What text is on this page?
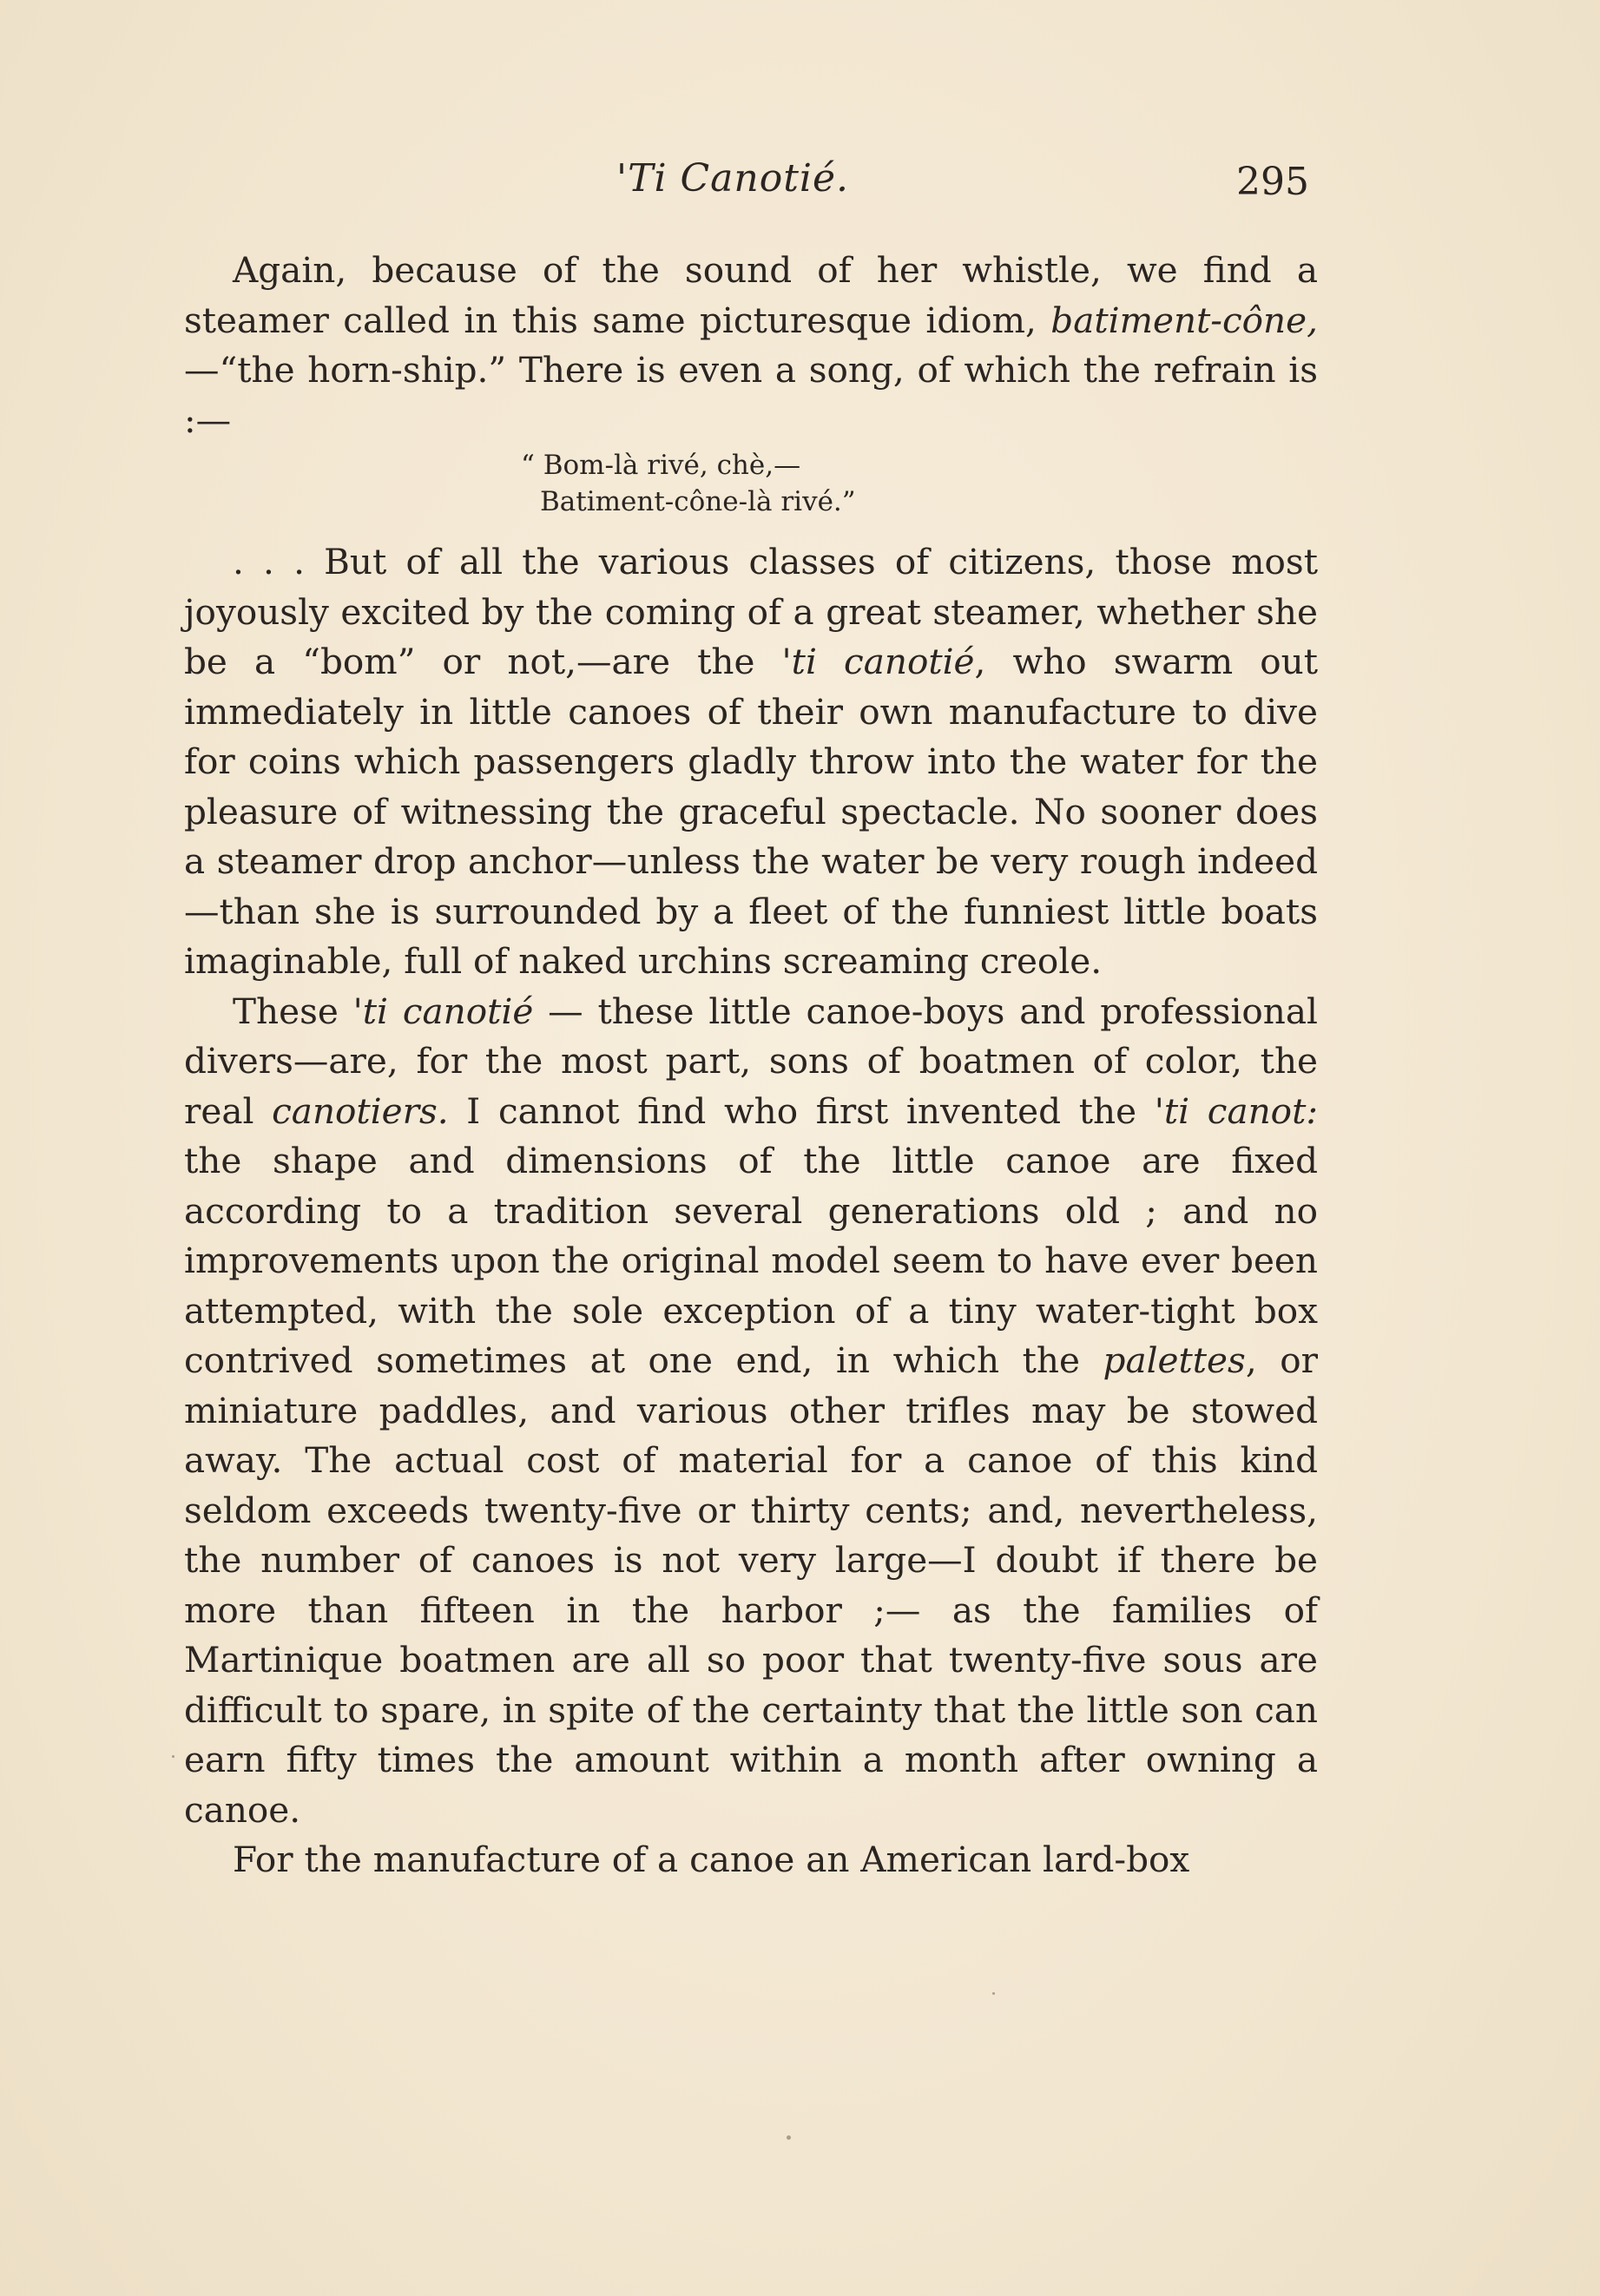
'Ti Canotié.	295

Again, because of the sound of her whistle, we find a steamer called in this same picturesque idiom, batiment-cône,—“the horn-ship.” There is even a song, of which the refrain is :—

“ Bom-là rivé, chè,—
Batiment-cône-là rivé.”

. . . But of all the various classes of citizens, those most joyously excited by the coming of a great steamer, whether she be a “bom” or not,—are the 'ti canotié, who swarm out immediately in little canoes of their own manufacture to dive for coins which passengers gladly throw into the water for the pleasure of witnessing the graceful spectacle. No sooner does a steamer drop anchor—unless the water be very rough indeed—than she is surrounded by a fleet of the funniest little boats imaginable, full of naked urchins screaming creole.

These 'ti canotié — these little canoe-boys and professional divers—are, for the most part, sons of boatmen of color, the real canotiers. I cannot find who first invented the 'ti canot: the shape and dimensions of the little canoe are fixed according to a tradition several generations old ; and no improvements upon the original model seem to have ever been attempted, with the sole exception of a tiny water-tight box contrived sometimes at one end, in which the palettes, or miniature paddles, and various other trifles may be stowed away. The actual cost of material for a canoe of this kind seldom exceeds twenty-five or thirty cents; and, nevertheless, the number of canoes is not very large—I doubt if there be more than fifteen in the harbor ;— as the families of Martinique boatmen are all so poor that twenty-five sous are difficult to spare, in spite of the certainty that the little son can earn fifty times the amount within a month after owning a canoe.

For the manufacture of a canoe an American lard-box
